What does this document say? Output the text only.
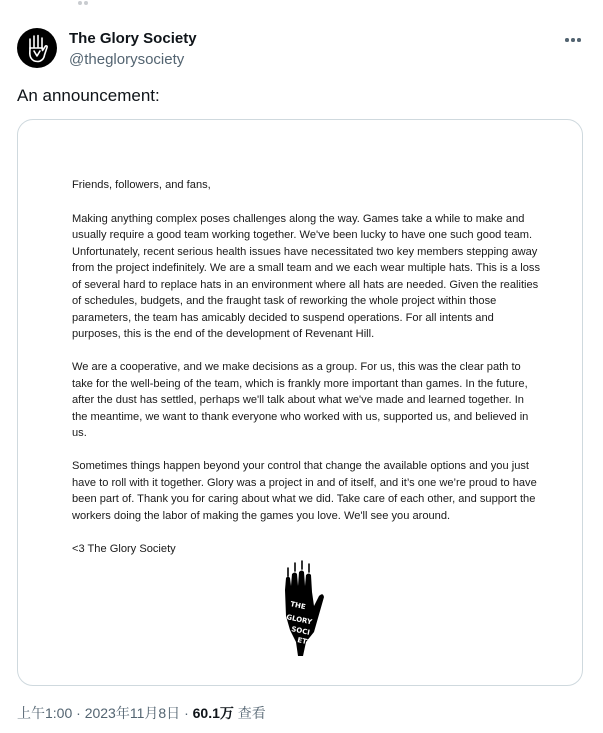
The Glory Society
@theglorysociety
An announcement:

Friends, followers, and fans,

Making anything complex poses challenges along the way. Games take a while to make and usually require a good team working together. We've been lucky to have one such good team. Unfortunately, recent serious health issues have necessitated two key members stepping away from the project indefinitely. We are a small team and we each wear multiple hats. This is a loss of several hard to replace hats in an environment where all hats are needed. Given the realities of schedules, budgets, and the fraught task of reworking the whole project within those parameters, the team has amicably decided to suspend operations. For all intents and purposes, this is the end of the development of Revenant Hill.

We are a cooperative, and we make decisions as a group. For us, this was the clear path to take for the well-being of the team, which is frankly more important than games. In the future, after the dust has settled, perhaps we'll talk about what we've made and learned together. In the meantime, we want to thank everyone who worked with us, supported us, and believed in us.

Sometimes things happen beyond your control that change the available options and you just have to roll with it together. Glory was a project in and of itself, and it’s one we’re proud to have been part of. Thank you for caring about what we did. Take care of each other, and support the workers doing the labor of making the games you love. We'll see you around.

<3 The Glory Society

THE
GLORY
SOCI
ETY
上午1:00 · 2023年11月8日 · 60.1万 查看
